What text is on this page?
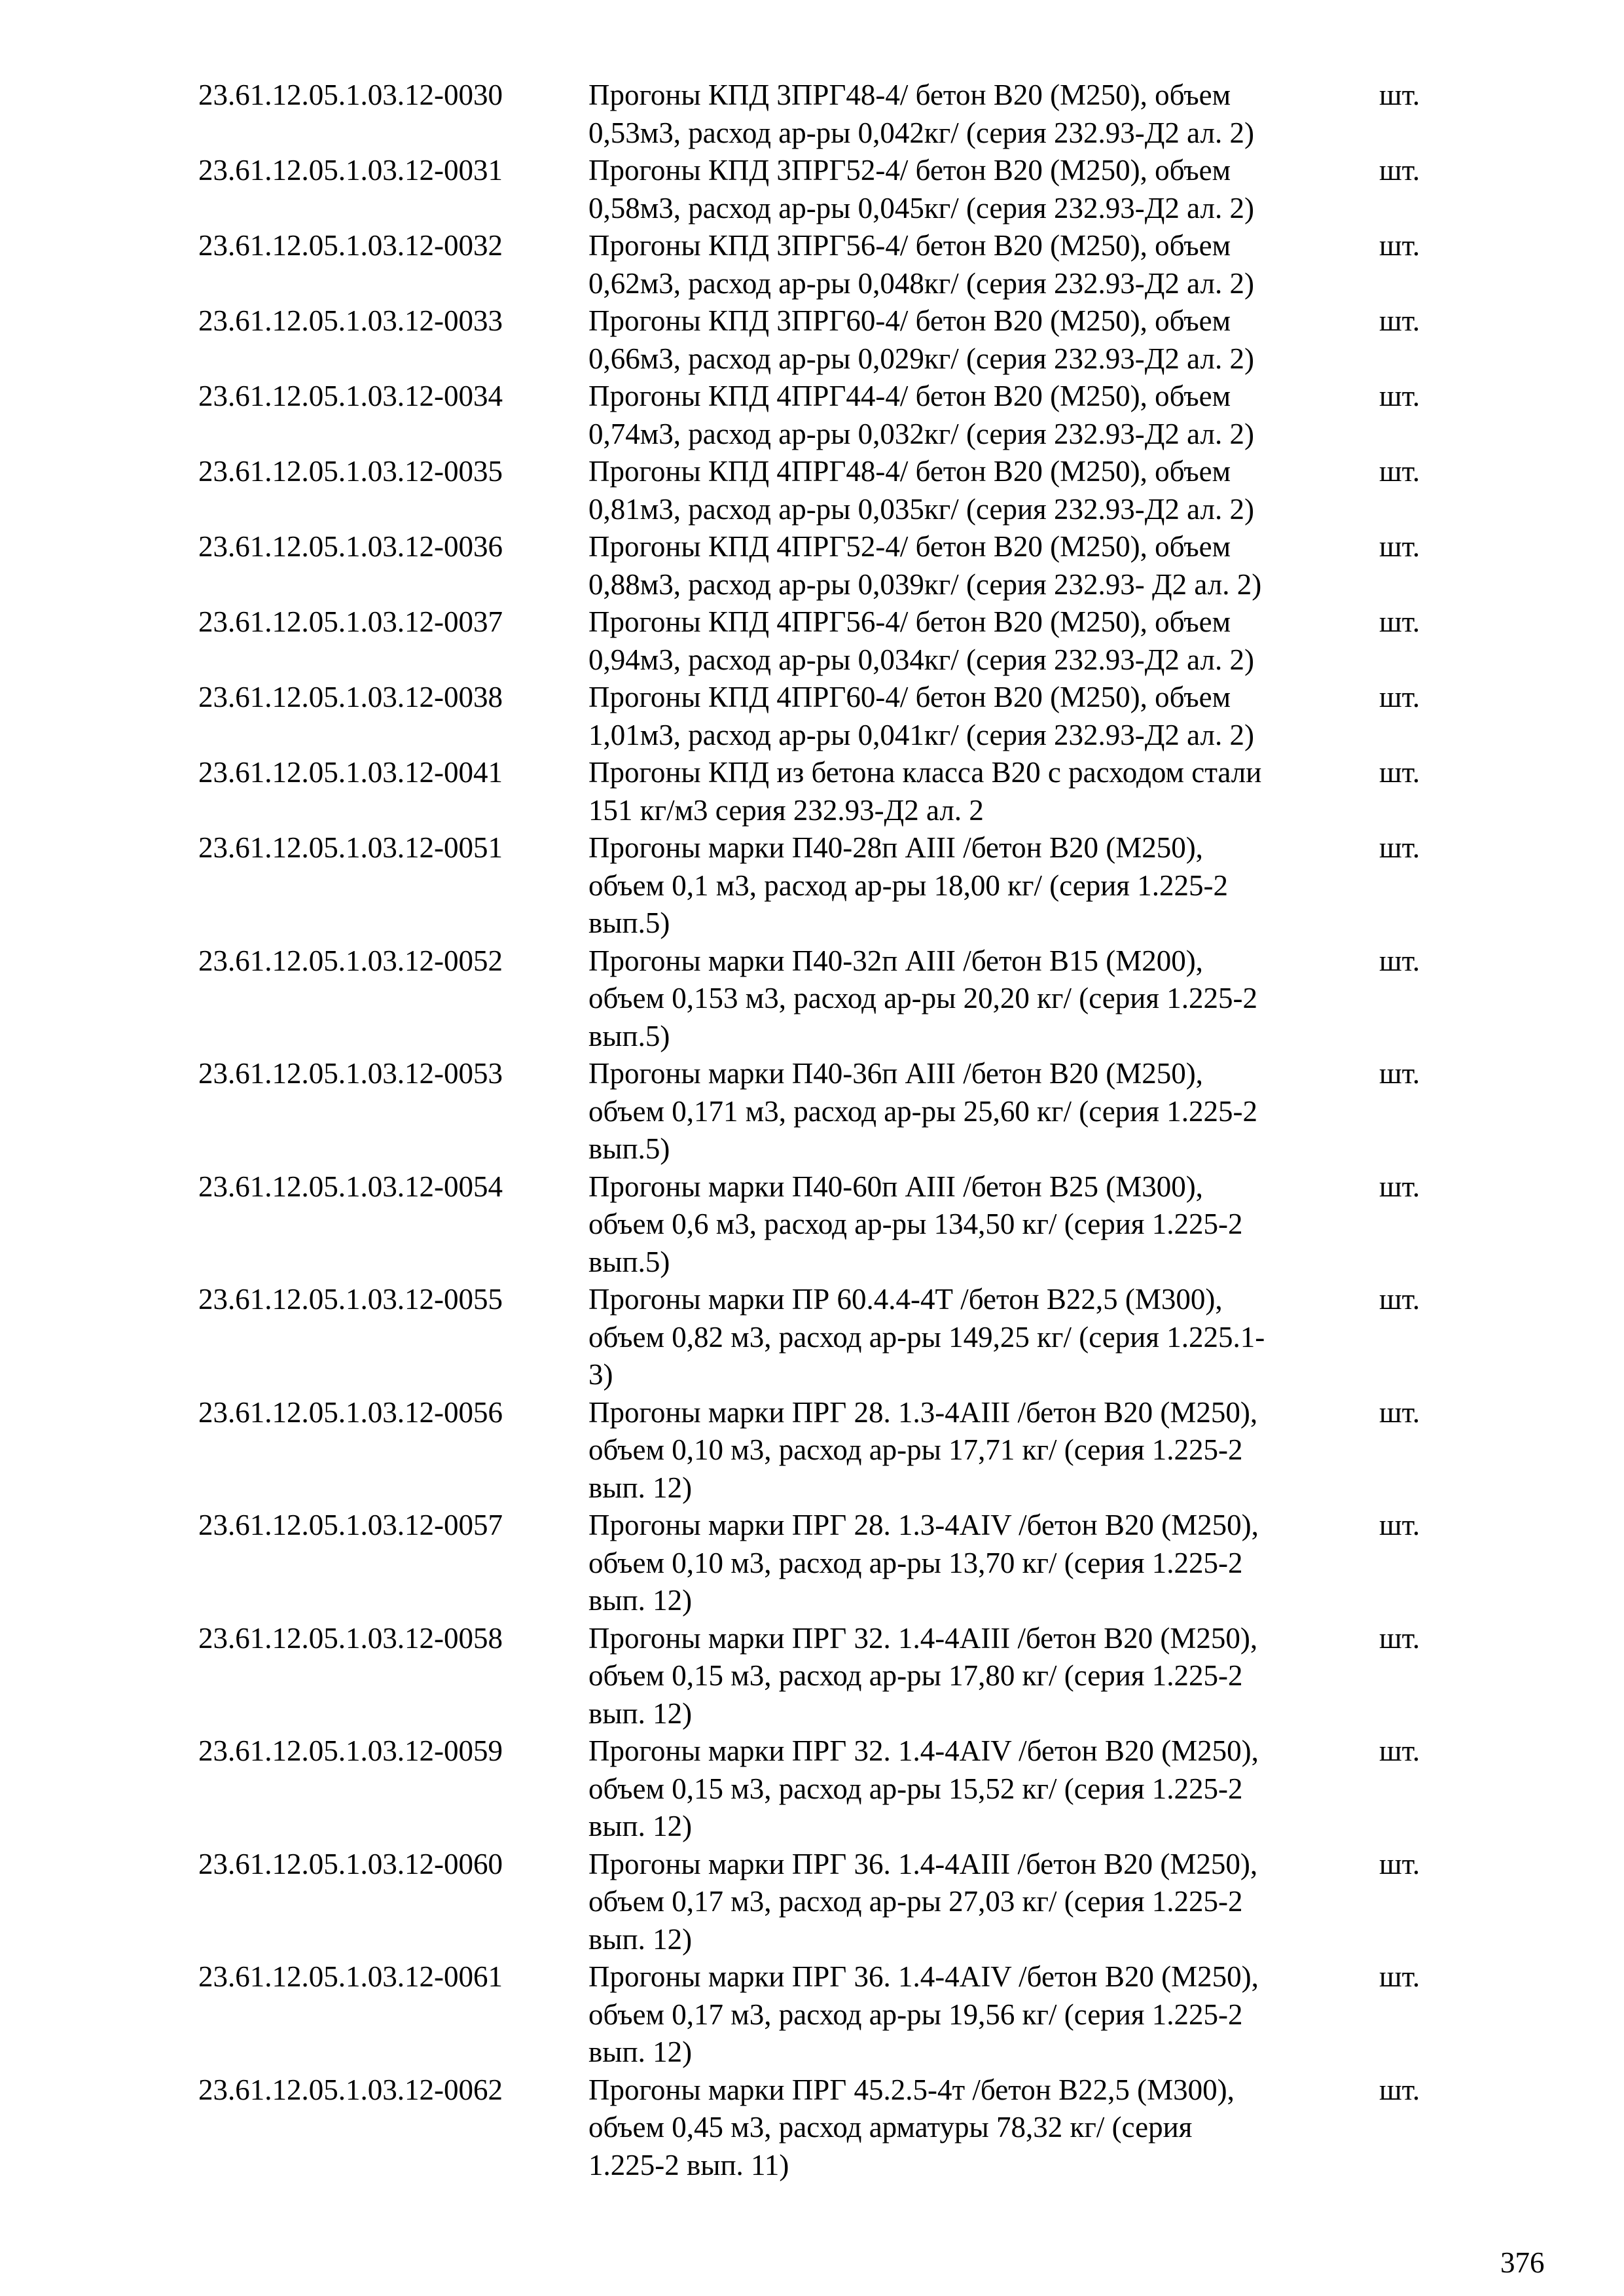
23.61.12.05.1.03.12-0030	Прогоны КПД 3ПРГ48-4/ бетон В20 (М250), объем
0,53м3, расход ар-ры 0,042кг/ (серия 232.93-Д2 ал. 2)
шт.
23.61.12.05.1.03.12-0031	Прогоны КПД 3ПРГ52-4/ бетон В20 (М250), объем
0,58м3, расход ар-ры 0,045кг/ (серия 232.93-Д2 ал. 2)
шт.
23.61.12.05.1.03.12-0032	Прогоны КПД 3ПРГ56-4/ бетон В20 (М250), объем
0,62м3, расход ар-ры 0,048кг/ (серия 232.93-Д2 ал. 2)
шт.
23.61.12.05.1.03.12-0033	Прогоны КПД 3ПРГ60-4/ бетон В20 (М250), объем
0,66м3, расход ар-ры 0,029кг/ (серия 232.93-Д2 ал. 2)
шт.
23.61.12.05.1.03.12-0034	Прогоны КПД 4ПРГ44-4/ бетон В20 (М250), объем
0,74м3, расход ар-ры 0,032кг/ (серия 232.93-Д2 ал. 2)
шт.
23.61.12.05.1.03.12-0035	Прогоны КПД 4ПРГ48-4/ бетон В20 (М250), объем
0,81м3, расход ар-ры 0,035кг/ (серия 232.93-Д2 ал. 2)
шт.
23.61.12.05.1.03.12-0036	Прогоны КПД 4ПРГ52-4/ бетон В20 (М250), объем
0,88м3, расход ар-ры 0,039кг/ (серия 232.93- Д2 ал. 2)
шт.
23.61.12.05.1.03.12-0037	Прогоны КПД 4ПРГ56-4/ бетон В20 (М250), объем
0,94м3, расход ар-ры 0,034кг/ (серия 232.93-Д2 ал. 2)
шт.
23.61.12.05.1.03.12-0038	Прогоны КПД 4ПРГ60-4/ бетон В20 (М250), объем
1,01м3, расход ар-ры 0,041кг/ (серия 232.93-Д2 ал. 2)
шт.
23.61.12.05.1.03.12-0041	Прогоны КПД из бетона класса В20 с расходом стали
151 кг/м3 серия 232.93-Д2 ал. 2
шт.
23.61.12.05.1.03.12-0051	Прогоны марки П40-28п АIII /бетон В20 (М250),
объем 0,1 м3, расход ар-ры 18,00 кг/ (серия 1.225-2
вып.5)
шт.
23.61.12.05.1.03.12-0052	Прогоны марки П40-32п АIII /бетон В15 (М200),
объем 0,153 м3, расход ар-ры 20,20 кг/ (серия 1.225-2
вып.5)
шт.
23.61.12.05.1.03.12-0053	Прогоны марки П40-36п АIII /бетон В20 (М250),
объем 0,171 м3, расход ар-ры 25,60 кг/ (серия 1.225-2
вып.5)
шт.
23.61.12.05.1.03.12-0054	Прогоны марки П40-60п АIII /бетон В25 (М300),
объем 0,6 м3, расход ар-ры 134,50 кг/ (серия 1.225-2
вып.5)
шт.
23.61.12.05.1.03.12-0055	Прогоны марки ПР 60.4.4-4Т /бетон В22,5 (М300),
объем 0,82 м3, расход ар-ры 149,25 кг/ (серия 1.225.1-
3)
шт.
23.61.12.05.1.03.12-0056	Прогоны марки ПРГ 28. 1.3-4АIII /бетон В20 (М250),
объем 0,10 м3, расход ар-ры 17,71 кг/ (серия 1.225-2
вып. 12)
шт.
23.61.12.05.1.03.12-0057	Прогоны марки ПРГ 28. 1.3-4АIV /бетон В20 (М250),
объем 0,10 м3, расход ар-ры 13,70 кг/ (серия 1.225-2
вып. 12)
шт.
23.61.12.05.1.03.12-0058	Прогоны марки ПРГ 32. 1.4-4АIII /бетон В20 (М250),
объем 0,15 м3, расход ар-ры 17,80 кг/ (серия 1.225-2
вып. 12)
шт.
23.61.12.05.1.03.12-0059	Прогоны марки ПРГ 32. 1.4-4АIV /бетон В20 (М250),
объем 0,15 м3, расход ар-ры 15,52 кг/ (серия 1.225-2
вып. 12)
шт.
23.61.12.05.1.03.12-0060	Прогоны марки ПРГ 36. 1.4-4АIII /бетон В20 (М250),
объем 0,17 м3, расход ар-ры 27,03 кг/ (серия 1.225-2
вып. 12)
шт.
23.61.12.05.1.03.12-0061	Прогоны марки ПРГ 36. 1.4-4АIV /бетон В20 (М250),
объем 0,17 м3, расход ар-ры 19,56 кг/ (серия 1.225-2
вып. 12)
шт.
23.61.12.05.1.03.12-0062	Прогоны марки ПРГ 45.2.5-4т /бетон В22,5 (М300),
объем 0,45 м3, расход арматуры 78,32 кг/ (серия
1.225-2 вып. 11)
шт.
376
